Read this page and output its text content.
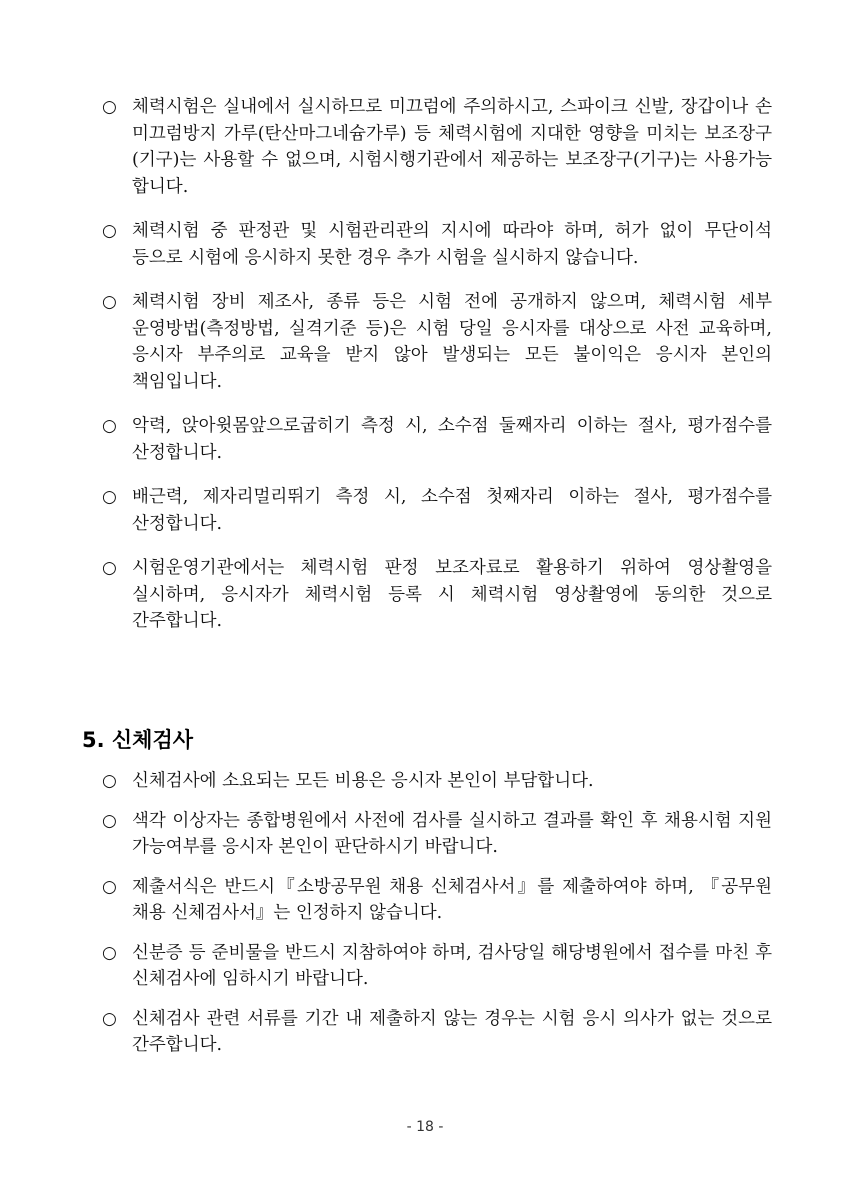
○ 체력시험은 실내에서 실시하므로 미끄럼에 주의하시고, 스파이크 신발, 장갑이나 손 미끄럼방지 가루(탄산마그네슘가루) 등 체력시험에 지대한 영향을 미치는 보조장구(기구)는 사용할 수 없으며, 시험시행기관에서 제공하는 보조장구(기구)는 사용가능 합니다.
○ 체력시험 중 판정관 및 시험관리관의 지시에 따라야 하며, 허가 없이 무단이석 등으로 시험에 응시하지 못한 경우 추가 시험을 실시하지 않습니다.
○ 체력시험 장비 제조사, 종류 등은 시험 전에 공개하지 않으며, 체력시험 세부 운영방법(측정방법, 실격기준 등)은 시험 당일 응시자를 대상으로 사전 교육하며, 응시자 부주의로 교육을 받지 않아 발생되는 모든 불이익은 응시자 본인의 책임입니다.
○ 악력, 앉아윗몸앞으로굽히기 측정 시, 소수점 둘째자리 이하는 절사, 평가점수를 산정합니다.
○ 배근력, 제자리멀리뛰기 측정 시, 소수점 첫째자리 이하는 절사, 평가점수를 산정합니다.
○ 시험운영기관에서는 체력시험 판정 보조자료로 활용하기 위하여 영상촬영을 실시하며, 응시자가 체력시험 등록 시 체력시험 영상촬영에 동의한 것으로 간주합니다.
5. 신체검사
○ 신체검사에 소요되는 모든 비용은 응시자 본인이 부담합니다.
○ 색각 이상자는 종합병원에서 사전에 검사를 실시하고 결과를 확인 후 채용시험 지원 가능여부를 응시자 본인이 판단하시기 바랍니다.
○ 제출서식은 반드시『소방공무원 채용 신체검사서』를 제출하여야 하며, 『공무원 채용 신체검사서』는 인정하지 않습니다.
○ 신분증 등 준비물을 반드시 지참하여야 하며, 검사당일 해당병원에서 접수를 마친 후 신체검사에 임하시기 바랍니다.
○ 신체검사 관련 서류를 기간 내 제출하지 않는 경우는 시험 응시 의사가 없는 것으로 간주합니다.
- 18 -
